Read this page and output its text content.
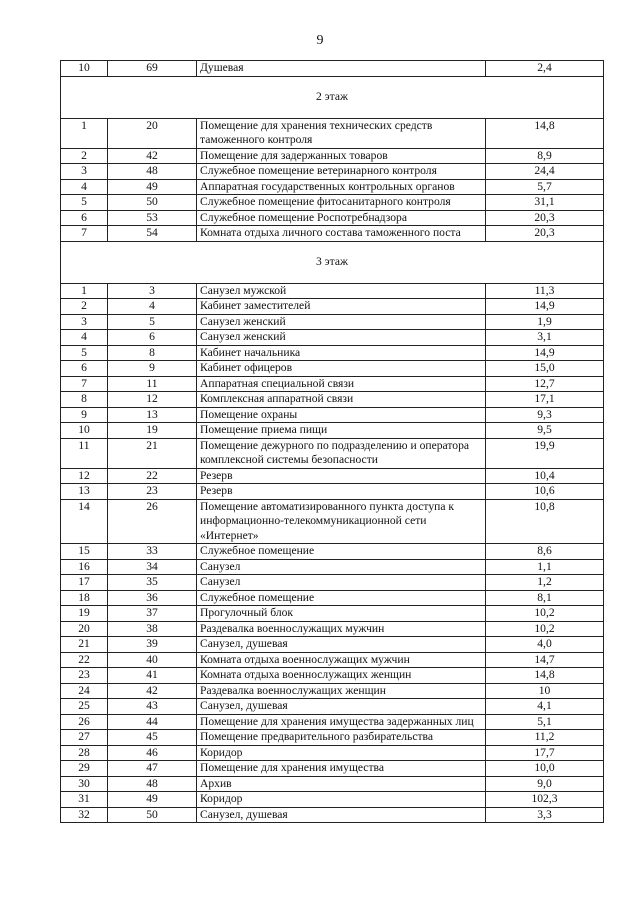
9
10	69	Душевая	2,4
2 этаж			
1	20	Помещение для хранения технических средств таможенного контроля	14,8
2	42	Помещение для задержанных товаров	8,9
3	48	Служебное помещение ветеринарного контроля	24,4
4	49	Аппаратная государственных контрольных органов	5,7
5	50	Служебное помещение фитосанитарного контроля	31,1
6	53	Служебное помещение Роспотребнадзора	20,3
7	54	Комната отдыха личного состава таможенного поста	20,3
3 этаж			
1	3	Санузел мужской	11,3
2	4	Кабинет заместителей	14,9
3	5	Санузел женский	1,9
4	6	Санузел женский	3,1
5	8	Кабинет начальника	14,9
6	9	Кабинет офицеров	15,0
7	11	Аппаратная специальной связи	12,7
8	12	Комплексная аппаратной связи	17,1
9	13	Помещение охраны	9,3
10	19	Помещение приема пищи	9,5
11	21	Помещение дежурного по подразделению и оператора комплексной системы безопасности	19,9
12	22	Резерв	10,4
13	23	Резерв	10,6
14	26	Помещение автоматизированного пункта доступа к информационно-телекоммуникационной сети «Интернет»	10,8
15	33	Служебное помещение	8,6
16	34	Санузел	1,1
17	35	Санузел	1,2
18	36	Служебное помещение	8,1
19	37	Прогулочный блок	10,2
20	38	Раздевалка военнослужащих мужчин	10,2
21	39	Санузел, душевая	4,0
22	40	Комната отдыха военнослужащих мужчин	14,7
23	41	Комната отдыха военнослужащих женщин	14,8
24	42	Раздевалка военнослужащих женщин	10
25	43	Санузел, душевая	4,1
26	44	Помещение для хранения имущества задержанных лиц	5,1
27	45	Помещение предварительного разбирательства	11,2
28	46	Коридор	17,7
29	47	Помещение для хранения имущества	10,0
30	48	Архив	9,0
31	49	Коридор	102,3
32	50	Санузел, душевая	3,3
